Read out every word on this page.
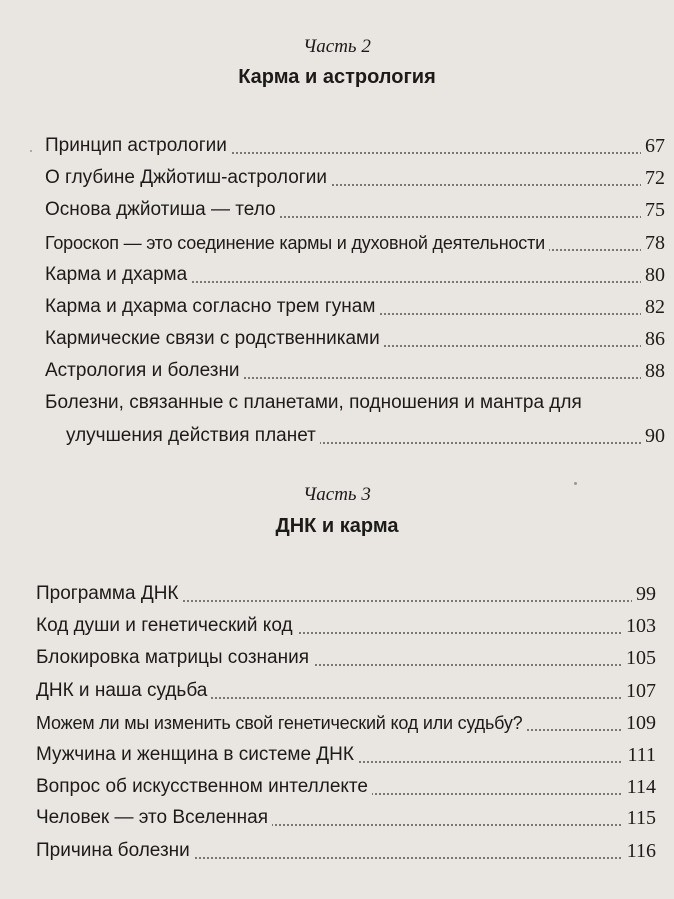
Часть 2
Карма и астрология
Принцип астрологии	67
О глубине Джйотиш-астрологии	72
Основа джйотиша — тело	75
Гороскоп — это соединение кармы и духовной деятельности	78
Карма и дхарма	80
Карма и дхарма согласно трем гунам	82
Кармические связи с родственниками	86
Астрология и болезни	88
Болезни, связанные с планетами, подношения и мантра для
улучшения действия планет	90
Часть 3
ДНК и карма
Программа ДНК	99
Код души и генетический код	103
Блокировка матрицы сознания	105
ДНК и наша судьба	107
Можем ли мы изменить свой генетический код или судьбу?	109
Мужчина и женщина в системе ДНК	111
Вопрос об искусственном интеллекте	114
Человек — это Вселенная	115
Причина болезни	116
